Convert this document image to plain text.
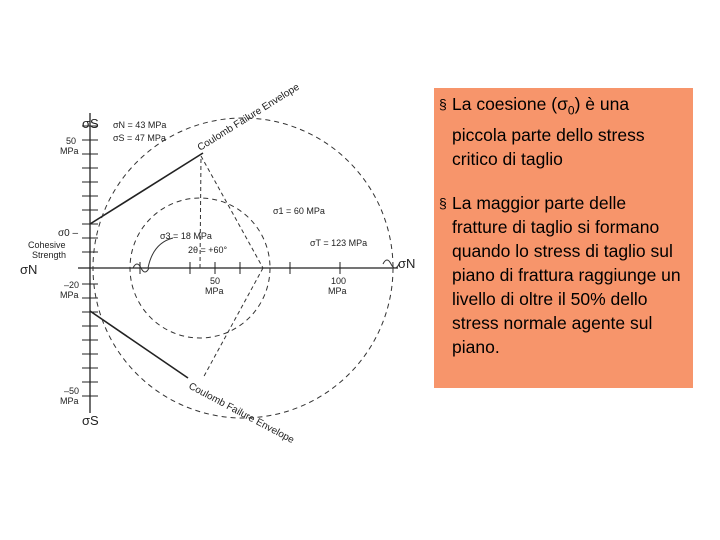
σS
σS
σN	σN
50
MPa
–20
MPa
–50
MPa
50
MPa
100
MPa
σ0 –
Cohesive
Strength
σN = 43 MPa
σS = 47 MPa
σ1 = 60 MPa
σ3 = 18 MPa
2θ = +60°
σT = 123 MPa
Coulomb Failure Envelope
Coulomb Failure Envelope
§ La coesione $(\sigma_0)$ è una piccola parte dello stress critico di taglio
§ La maggior parte delle fratture di taglio si formano quando lo stress di taglio sul piano di frattura raggiunge un livello di oltre il 50% dello stress normale agente sul piano.
